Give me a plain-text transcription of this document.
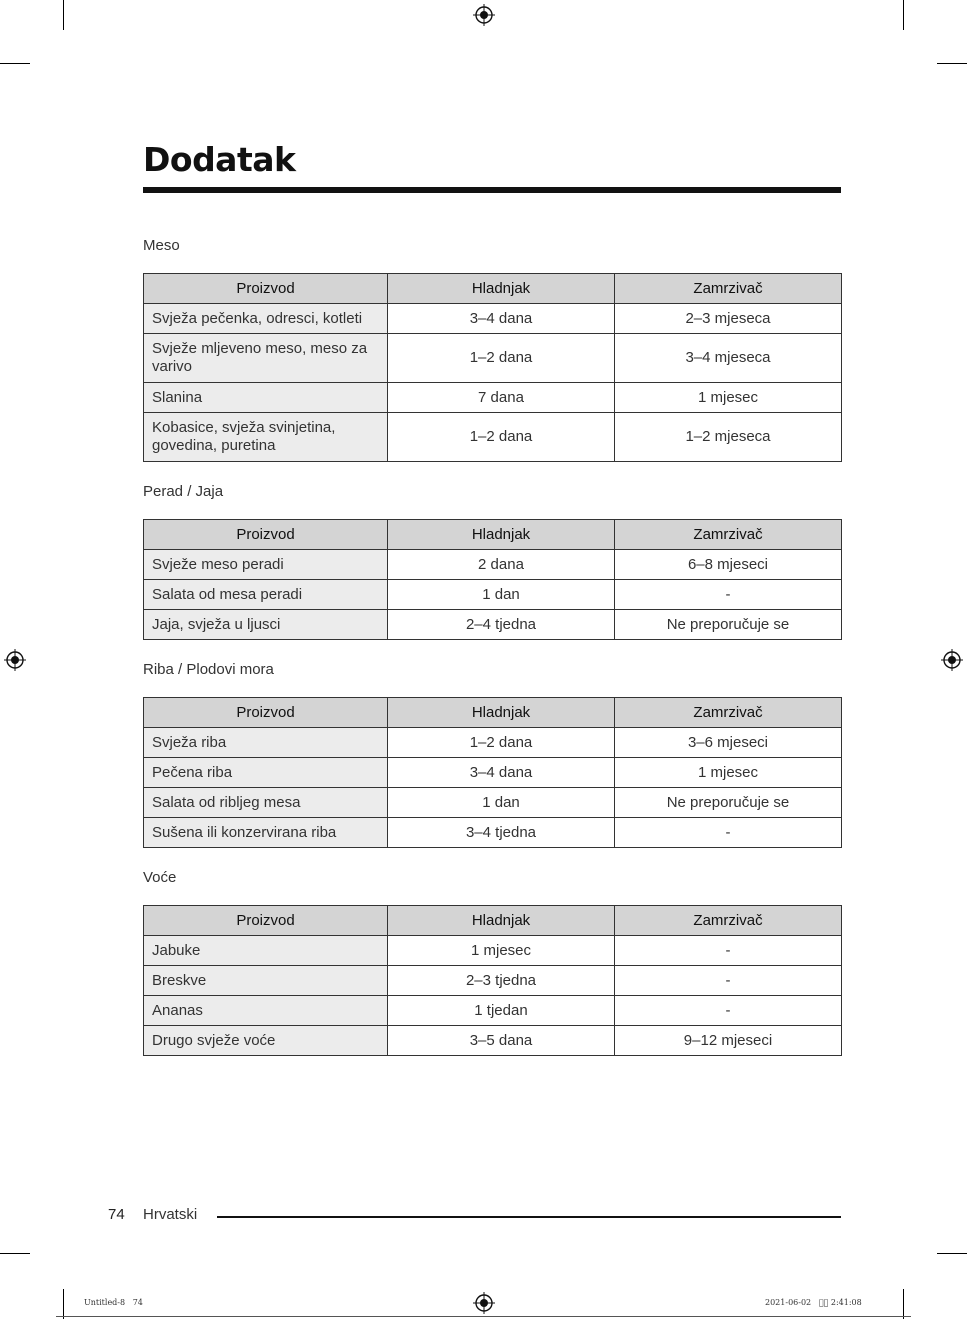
Dodatak
Meso
Proizvod	Hladnjak	Zamrzivač
Svježa pečenka, odresci, kotleti	3–4 dana	2–3 mjeseca
Svježe mljeveno meso, meso za varivo	1–2 dana	3–4 mjeseca
Slanina	7 dana	1 mjesec
Kobasice, svježa svinjetina, govedina, puretina	1–2 dana	1–2 mjeseca
Perad / Jaja
Proizvod	Hladnjak	Zamrzivač
Svježe meso peradi	2 dana	6–8 mjeseci
Salata od mesa peradi	1 dan	-
Jaja, svježa u ljusci	2–4 tjedna	Ne preporučuje se
Riba / Plodovi mora
Proizvod	Hladnjak	Zamrzivač
Svježa riba	1–2 dana	3–6 mjeseci
Pečena riba	3–4 dana	1 mjesec
Salata od ribljeg mesa	1 dan	Ne preporučuje se
Sušena ili konzervirana riba	3–4 tjedna	-
Voće
Proizvod	Hladnjak	Zamrzivač
Jabuke	1 mjesec	-
Breskve	2–3 tjedna	-
Ananas	1 tjedan	-
Drugo svježe voće	3–5 dana	9–12 mjeseci
74 Hrvatski
Untitled-8   74	2021-06-02   ￿￿ 2:41:08
